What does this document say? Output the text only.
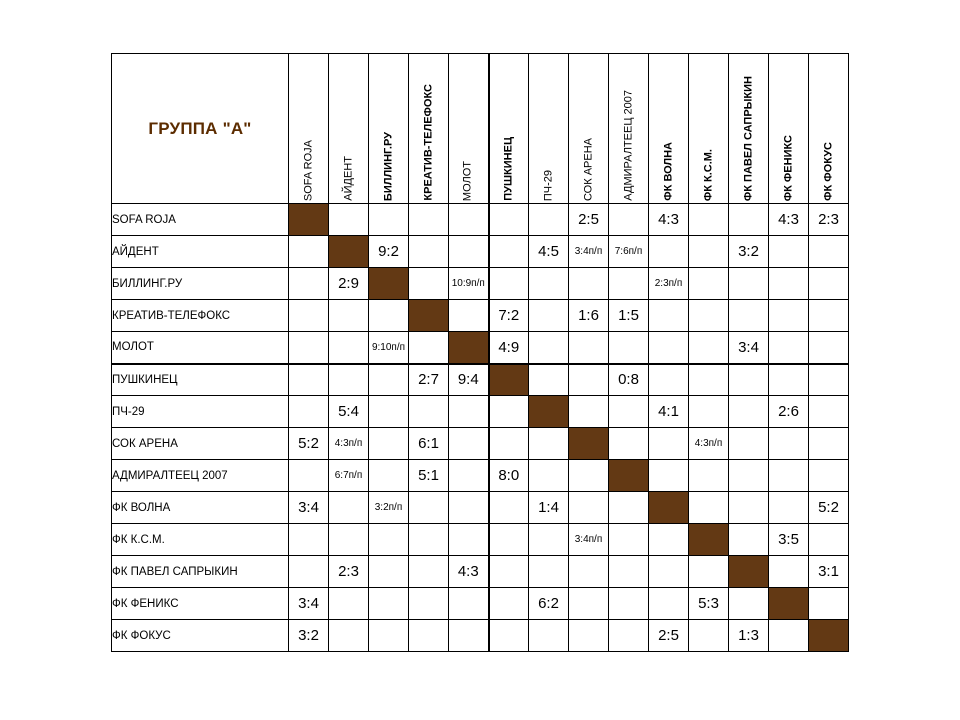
ГРУППА "А"	SOFA ROJA	АЙДЕНТ	БИЛЛИНГ.РУ	КРЕАТИВ-ТЕЛЕФОКС	МОЛОТ	ПУШКИНЕЦ	ПЧ-29	СОК АРЕНА	АДМИРАЛТЕЕЦ 2007	ФК ВОЛНА	ФК К.С.М.	ФК ПАВЕЛ САПРЫКИН	ФК ФЕНИКС	ФК ФОКУС

SOFA ROJA								2:5		4:3			4:3	2:3
АЙДЕНТ			9:2				4:5	3:4п/п	7:6п/п			3:2		
БИЛЛИНГ.РУ		2:9			10:9п/п					2:3п/п				
КРЕАТИВ-ТЕЛЕФОКС						7:2		1:6	1:5					
МОЛОТ			9:10п/п			4:9						3:4		
ПУШКИНЕЦ				2:7	9:4				0:8					
ПЧ-29		5:4								4:1			2:6	
СОК АРЕНА	5:2	4:3п/п		6:1							4:3п/п			
АДМИРАЛТЕЕЦ 2007		6:7п/п		5:1		8:0								
ФК ВОЛНА	3:4		3:2п/п				1:4							5:2
ФК К.С.М.								3:4п/п					3:5	
ФК ПАВЕЛ САПРЫКИН		2:3			4:3									3:1
ФК ФЕНИКС	3:4						6:2				5:3			
ФК ФОКУС	3:2									2:5		1:3		
